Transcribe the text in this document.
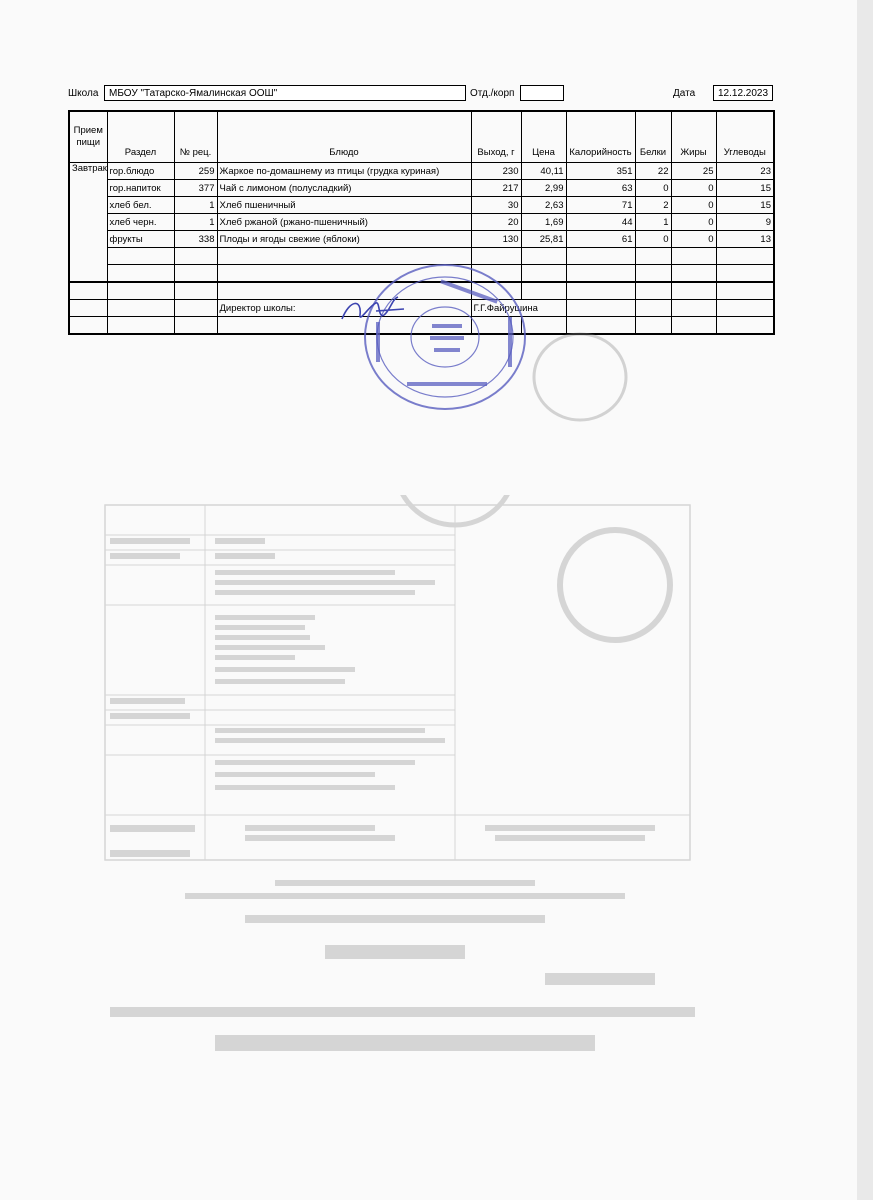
Школа	МБОУ "Татарско-Ямалинская ООШ"	Отд./корп	Дата	12.12.2023
Прием пищи	Раздел	№ рец.	Блюдо	Выход, г	Цена	Калорийность	Белки	Жиры	Углеводы
Завтрак	гор.блюдо	259	Жаркое по-домашнему из птицы (грудка куриная)	230	40,11	351	22	25	23
	гор.напиток	377	Чай с лимоном (полусладкий)	217	2,99	63	0	0	15
	хлеб бел.	1	Хлеб пшеничный	30	2,63	71	2	0	15
	хлеб черн.	1	Хлеб ржаной (ржано-пшеничный)	20	1,69	44	1	0	9
	фрукты	338	Плоды и ягоды свежие (яблоки)	130	25,81	61	0	0	13

			Директор школы:	Г.Г.Файрушина					
